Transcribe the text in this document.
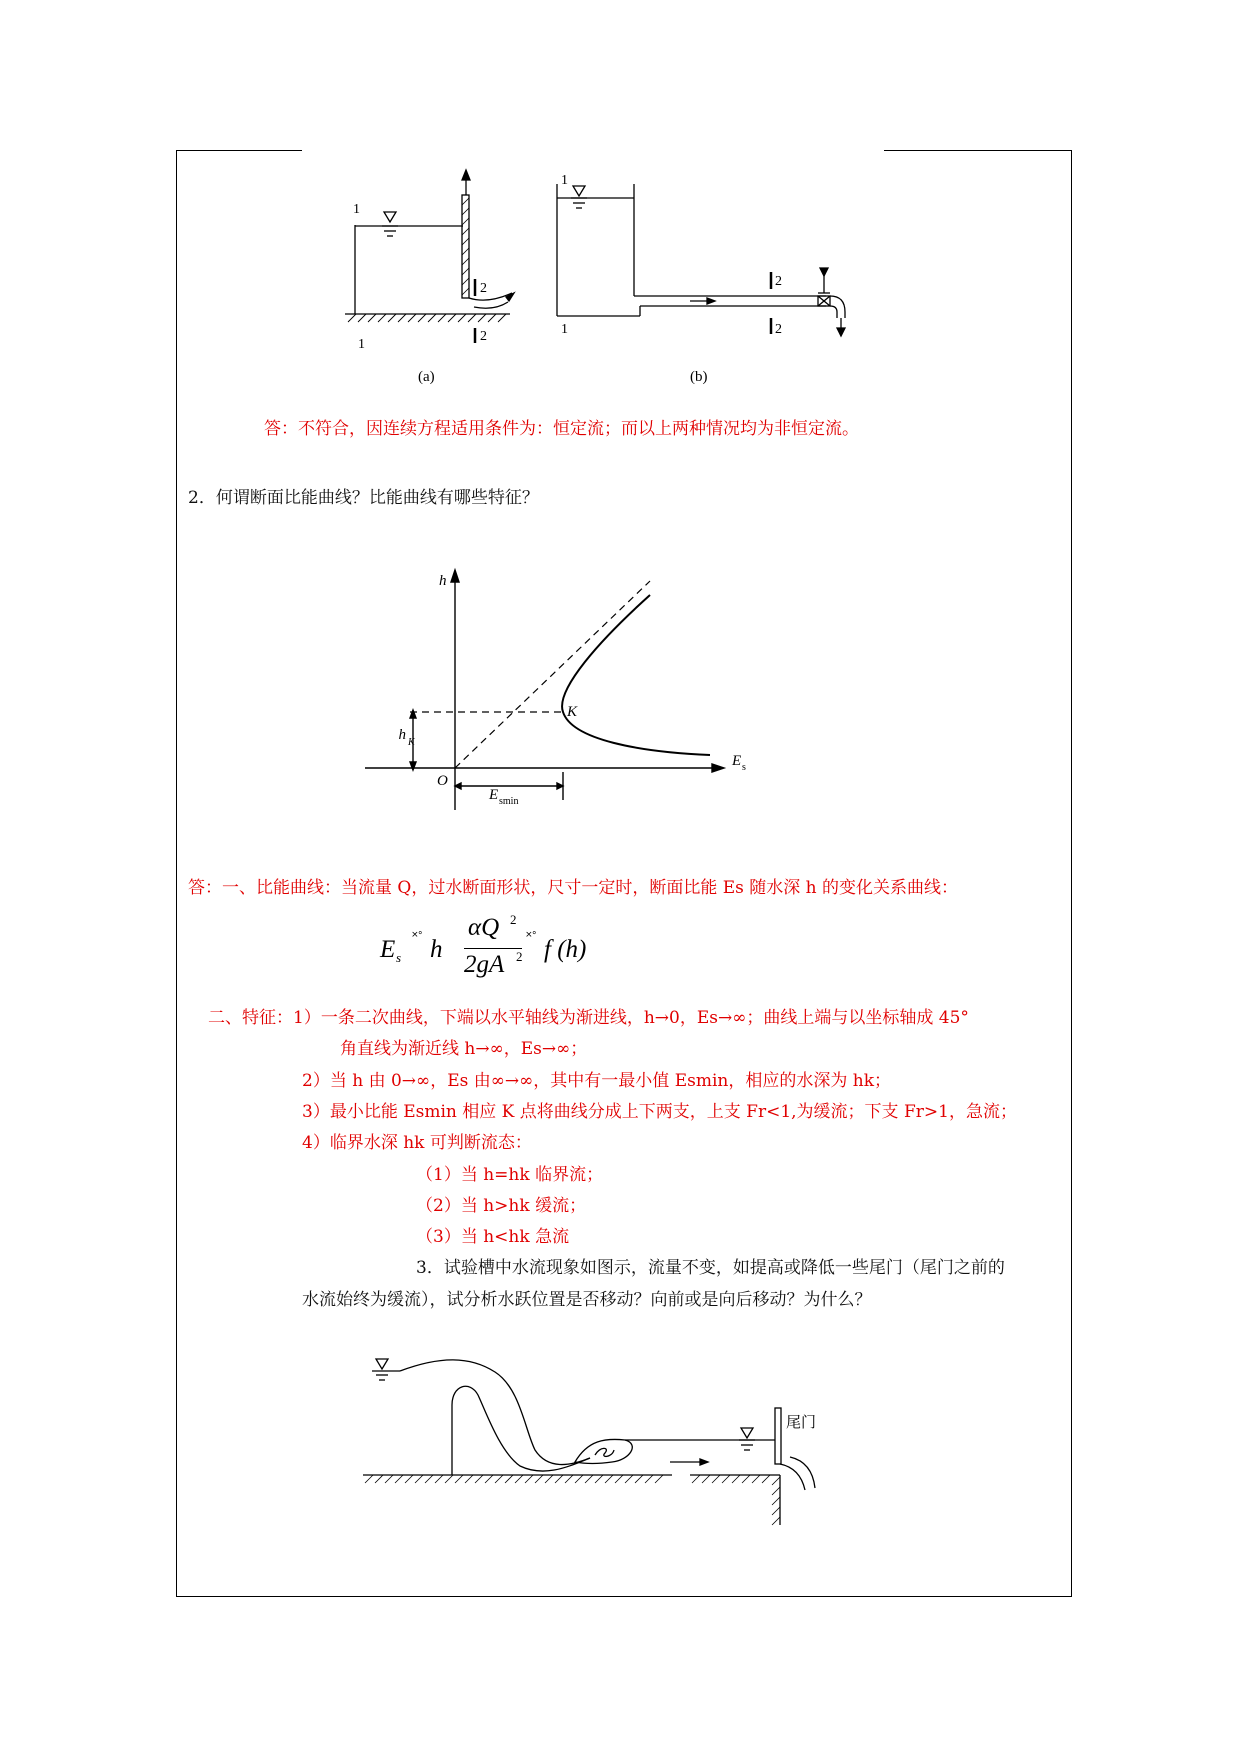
1
1
2
2
(a)
1
1
2
2
(b)
答：不符合，因连续方程适用条件为：恒定流；而以上两种情况均为非恒定流。
2．何谓断面比能曲线？比能曲线有哪些特征？
h
E s
K
h K
O
E smin
答：一、比能曲线：当流量 Q，过水断面形状，尺寸一定时，断面比能 Es 随水深 h 的变化关系曲线：
E s
˟˚ h
αQ 2
2gA 2
˟˚ f (h)
二、特征：1）一条二次曲线，下端以水平轴线为渐进线，h→0，Es→∞；曲线上端与以坐标轴成 45°
角直线为渐近线 h→∞，Es→∞；
2）当 h 由 0→∞，Es 由∞→∞，其中有一最小值 Esmin，相应的水深为 hk；
3）最小比能 Esmin 相应 K 点将曲线分成上下两支，上支 Fr<1,为缓流；下支 Fr>1，急流；
4）临界水深 hk 可判断流态：
（1）当 h=hk 临界流；
（2）当 h>hk 缓流；
（3）当 h<hk 急流
3．试验槽中水流现象如图示，流量不变，如提高或降低一些尾门（尾门之前的
水流始终为缓流），试分析水跃位置是否移动？向前或是向后移动？为什么？
尾门
